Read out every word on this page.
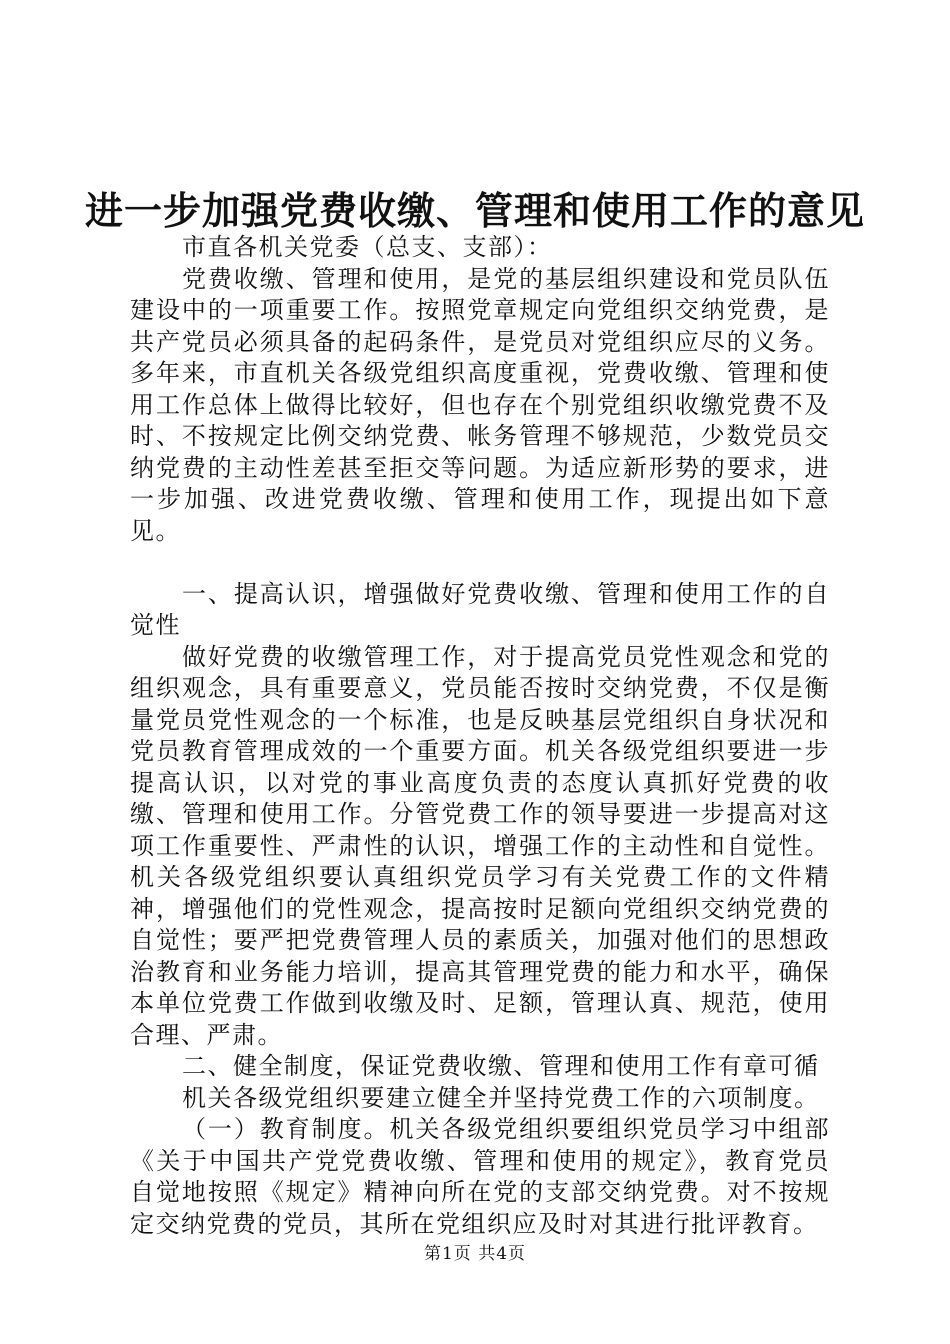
进一步加强党费收缴、管理和使用工作的意见

市直各机关党委（总支、支部）：

党费收缴、管理和使用，是党的基层组织建设和党员队伍建设中的一项重要工作。按照党章规定向党组织交纳党费，是共产党员必须具备的起码条件，是党员对党组织应尽的义务。多年来，市直机关各级党组织高度重视，党费收缴、管理和使用工作总体上做得比较好，但也存在个别党组织收缴党费不及时、不按规定比例交纳党费、帐务管理不够规范，少数党员交纳党费的主动性差甚至拒交等问题。为适应新形势的要求，进一步加强、改进党费收缴、管理和使用工作，现提出如下意见。

一、提高认识，增强做好党费收缴、管理和使用工作的自觉性

做好党费的收缴管理工作，对于提高党员党性观念和党的组织观念，具有重要意义，党员能否按时交纳党费，不仅是衡量党员党性观念的一个标准，也是反映基层党组织自身状况和党员教育管理成效的一个重要方面。机关各级党组织要进一步提高认识，以对党的事业高度负责的态度认真抓好党费的收缴、管理和使用工作。分管党费工作的领导要进一步提高对这项工作重要性、严肃性的认识，增强工作的主动性和自觉性。机关各级党组织要认真组织党员学习有关党费工作的文件精神，增强他们的党性观念，提高按时足额向党组织交纳党费的自觉性；要严把党费管理人员的素质关，加强对他们的思想政治教育和业务能力培训，提高其管理党费的能力和水平，确保本单位党费工作做到收缴及时、足额，管理认真、规范，使用合理、严肃。

二、健全制度，保证党费收缴、管理和使用工作有章可循

机关各级党组织要建立健全并坚持党费工作的六项制度。

（一）教育制度。机关各级党组织要组织党员学习中组部《关于中国共产党党费收缴、管理和使用的规定》，教育党员自觉地按照《规定》精神向所在党的支部交纳党费。对不按规定交纳党费的党员，其所在党组织应及时对其进行批评教育。

第1页 共4页
